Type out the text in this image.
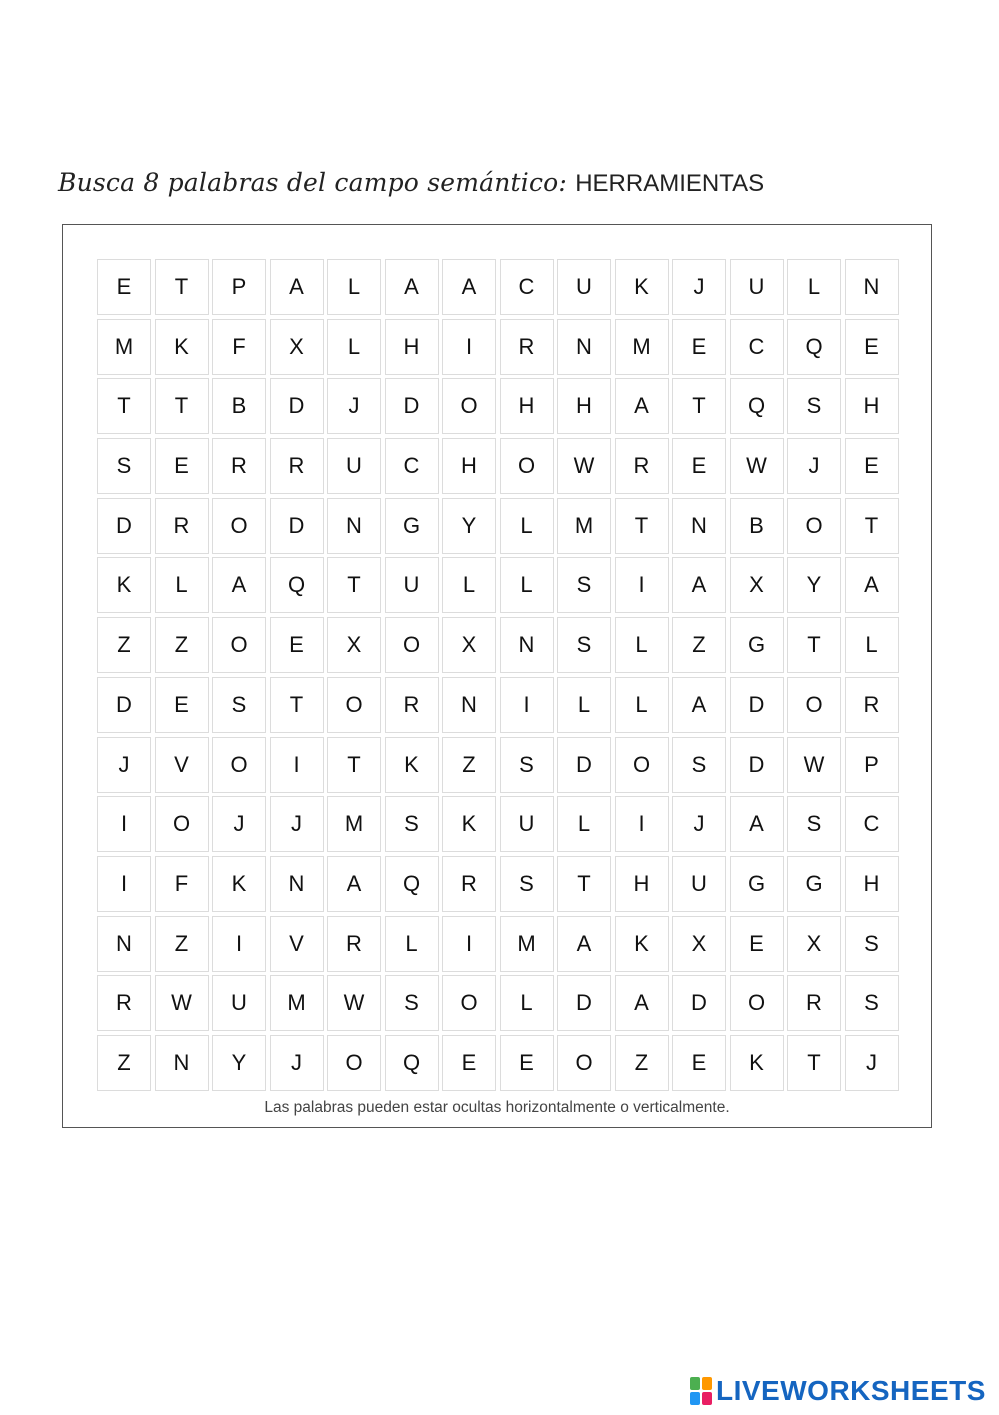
Busca 8 palabras del campo semántico: HERRAMIENTAS
E	T	P	A	L	A	A	C	U	K	J	U	L	N
M	K	F	X	L	H	I	R	N	M	E	C	Q	E
T	T	B	D	J	D	O	H	H	A	T	Q	S	H
S	E	R	R	U	C	H	O	W	R	E	W	J	E
D	R	O	D	N	G	Y	L	M	T	N	B	O	T
K	L	A	Q	T	U	L	L	S	I	A	X	Y	A
Z	Z	O	E	X	O	X	N	S	L	Z	G	T	L
D	E	S	T	O	R	N	I	L	L	A	D	O	R
J	V	O	I	T	K	Z	S	D	O	S	D	W	P
I	O	J	J	M	S	K	U	L	I	J	A	S	C
I	F	K	N	A	Q	R	S	T	H	U	G	G	H
N	Z	I	V	R	L	I	M	A	K	X	E	X	S
R	W	U	M	W	S	O	L	D	A	D	O	R	S
Z	N	Y	J	O	Q	E	E	O	Z	E	K	T	J
Las palabras pueden estar ocultas horizontalmente o verticalmente.
LIVEWORKSHEETS
